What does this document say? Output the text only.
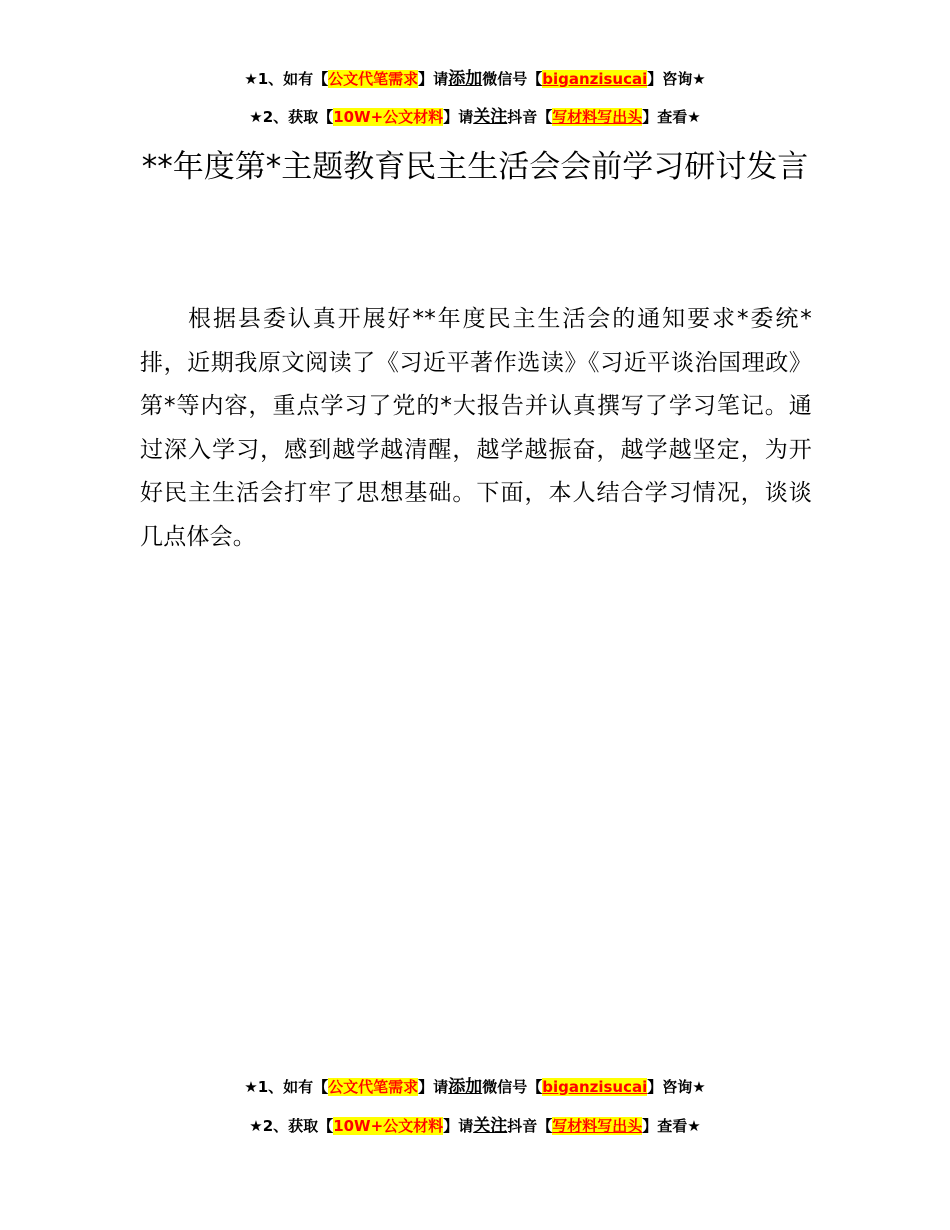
★1、如有【公文代笔需求】请添加微信号【biganzisucai】咨询★
★2、获取【10W+公文材料】请关注抖音【写材料写出头】查看★
**年度第*主题教育民主生活会会前学习研讨发言

根据县委认真开展好**年度民主生活会的通知要求*委统*排，近期我原文阅读了《习近平著作选读》《习近平谈治国理政》第*等内容，重点学习了党的*大报告并认真撰写了学习笔记。通过深入学习，感到越学越清醒，越学越振奋，越学越坚定，为开好民主生活会打牢了思想基础。下面，本人结合学习情况，谈谈几点体会。

★1、如有【公文代笔需求】请添加微信号【biganzisucai】咨询★
★2、获取【10W+公文材料】请关注抖音【写材料写出头】查看★
